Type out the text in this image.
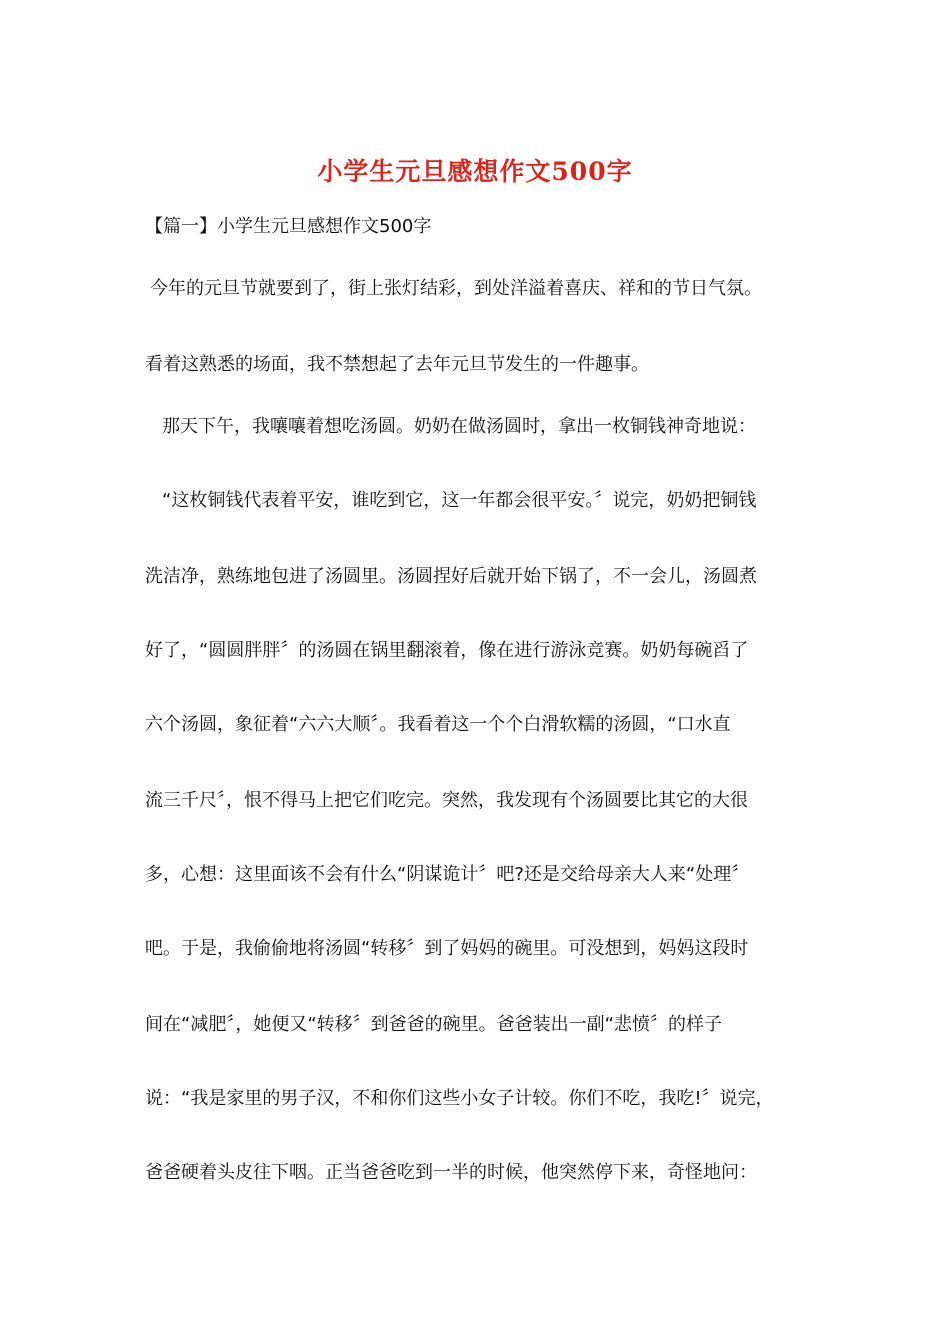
小学生元旦感想作文500字
【篇一】小学生元旦感想作文500字
今年的元旦节就要到了，街上张灯结彩，到处洋溢着喜庆、祥和的节日气氛。
看着这熟悉的场面，我不禁想起了去年元旦节发生的一件趣事。
那天下午，我嚷嚷着想吃汤圆。奶奶在做汤圆时，拿出一枚铜钱神奇地说：
“这枚铜钱代表着平安，谁吃到它，这一年都会很平安。〞说完，奶奶把铜钱
洗洁净，熟练地包进了汤圆里。汤圆捏好后就开始下锅了，不一会儿，汤圆煮
好了，“圆圆胖胖〞的汤圆在锅里翻滚着，像在进行游泳竞赛。奶奶每碗舀了
六个汤圆，象征着“六六大顺〞。我看着这一个个白滑软糯的汤圆，“口水直
流三千尺〞，恨不得马上把它们吃完。突然，我发现有个汤圆要比其它的大很
多，心想：这里面该不会有什么“阴谋诡计〞吧?还是交给母亲大人来“处理〞
吧。于是，我偷偷地将汤圆“转移〞到了妈妈的碗里。可没想到，妈妈这段时
间在“减肥〞，她便又“转移〞到爸爸的碗里。爸爸装出一副“悲愤〞的样子
说：“我是家里的男子汉，不和你们这些小女子计较。你们不吃，我吃!〞说完，
爸爸硬着头皮往下咽。正当爸爸吃到一半的时候，他突然停下来，奇怪地问：
